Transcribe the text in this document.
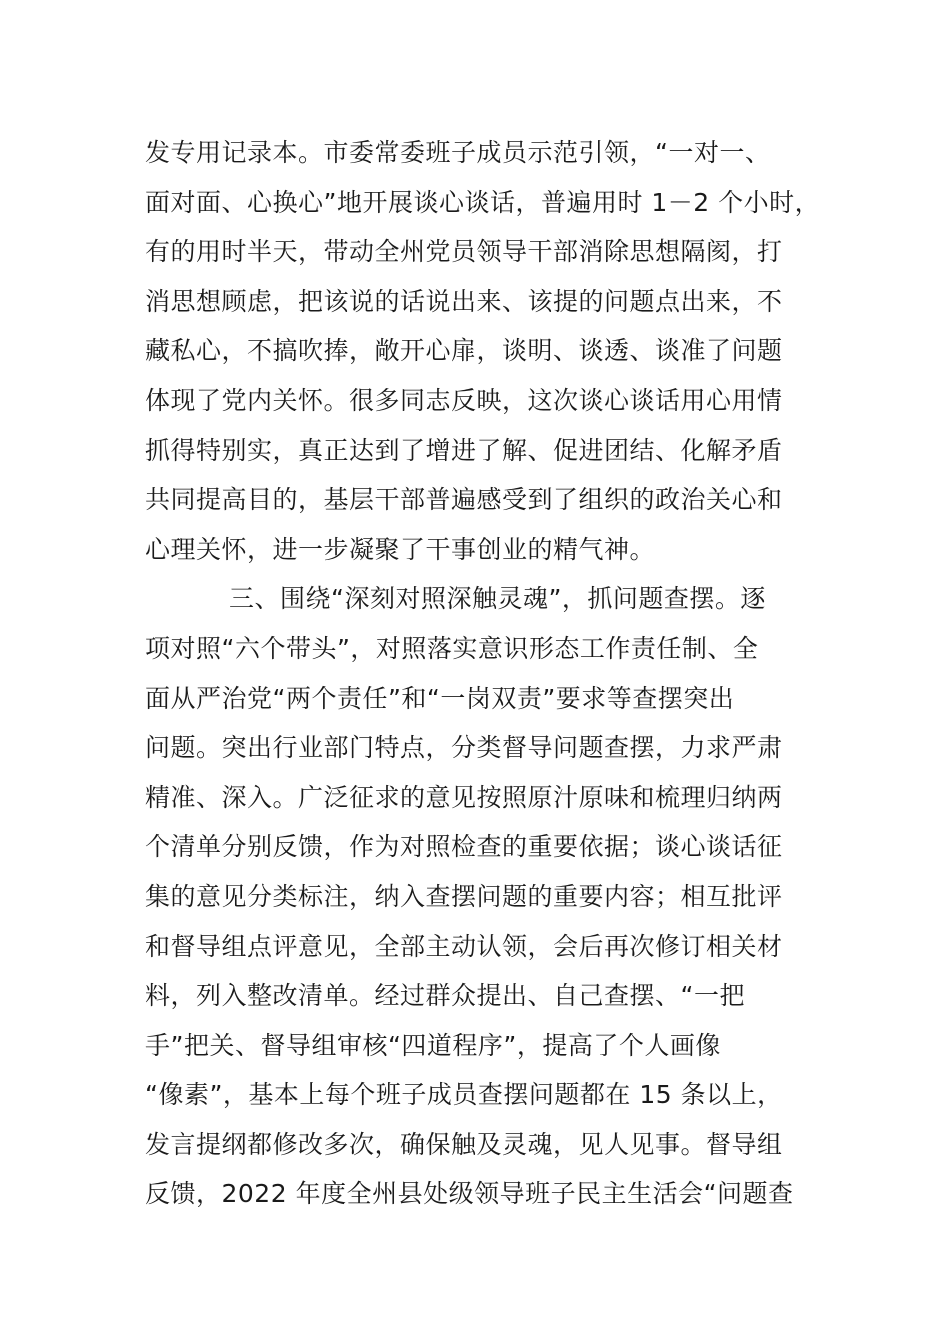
发专用记录本。市委常委班子成员示范引领，“一对一、
面对面、心换心”地开展谈心谈话，普遍用时 1－2 个小时，
有的用时半天，带动全州党员领导干部消除思想隔阂，打
消思想顾虑，把该说的话说出来、该提的问题点出来，不
藏私心，不搞吹捧，敞开心扉，谈明、谈透、谈准了问题
体现了党内关怀。很多同志反映，这次谈心谈话用心用情
抓得特别实，真正达到了增进了解、促进团结、化解矛盾
共同提高目的，基层干部普遍感受到了组织的政治关心和
心理关怀，进一步凝聚了干事创业的精气神。
三、围绕“深刻对照深触灵魂”，抓问题查摆。逐
项对照“六个带头”，对照落实意识形态工作责任制、全
面从严治党“两个责任”和“一岗双责”要求等查摆突出
问题。突出行业部门特点，分类督导问题查摆，力求严肃
精准、深入。广泛征求的意见按照原汁原味和梳理归纳两
个清单分别反馈，作为对照检查的重要依据；谈心谈话征
集的意见分类标注，纳入查摆问题的重要内容；相互批评
和督导组点评意见，全部主动认领，会后再次修订相关材
料，列入整改清单。经过群众提出、自己查摆、“一把
手”把关、督导组审核“四道程序”，提高了个人画像
“像素”，基本上每个班子成员查摆问题都在 15 条以上，
发言提纲都修改多次，确保触及灵魂，见人见事。督导组
反馈，2022 年度全州县处级领导班子民主生活会“问题查
